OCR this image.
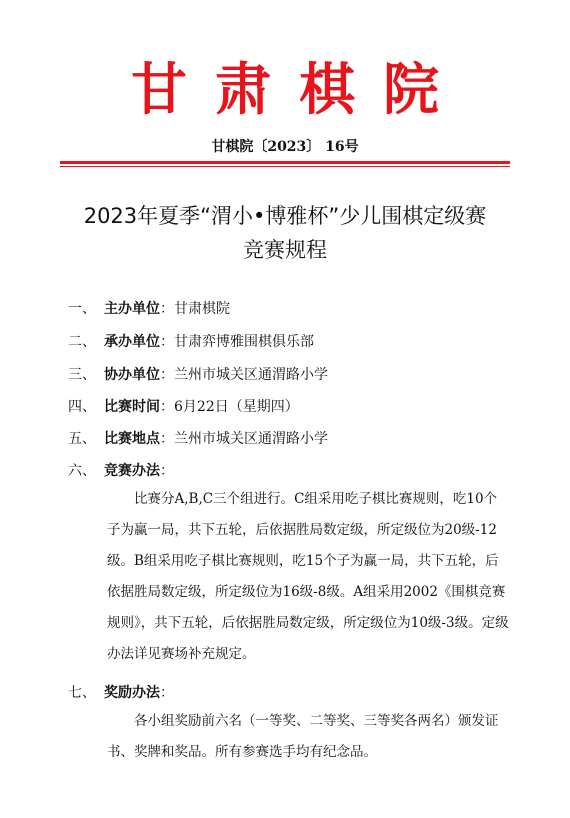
甘肃棋院
甘棋院〔2023〕 16号
2023年夏季“渭小•博雅杯”少儿围棋定级赛
竞赛规程
一、 主办单位：甘肃棋院
二、 承办单位：甘肃弈博雅围棋俱乐部
三、 协办单位：兰州市城关区通渭路小学
四、 比赛时间：6月22日（星期四）
五、 比赛地点：兰州市城关区通渭路小学
六、 竞赛办法：
比赛分A,B,C三个组进行。C组采用吃子棋比赛规则，吃10个子为赢一局，共下五轮，后依据胜局数定级，所定级位为20级-12级。B组采用吃子棋比赛规则，吃15个子为赢一局，共下五轮，后依据胜局数定级，所定级位为16级-8级。A组采用2002《围棋竞赛规则》，共下五轮，后依据胜局数定级，所定级位为10级-3级。定级办法详见赛场补充规定。
七、 奖励办法：
各小组奖励前六名（一等奖、二等奖、三等奖各两名）颁发证书、奖牌和奖品。所有参赛选手均有纪念品。
